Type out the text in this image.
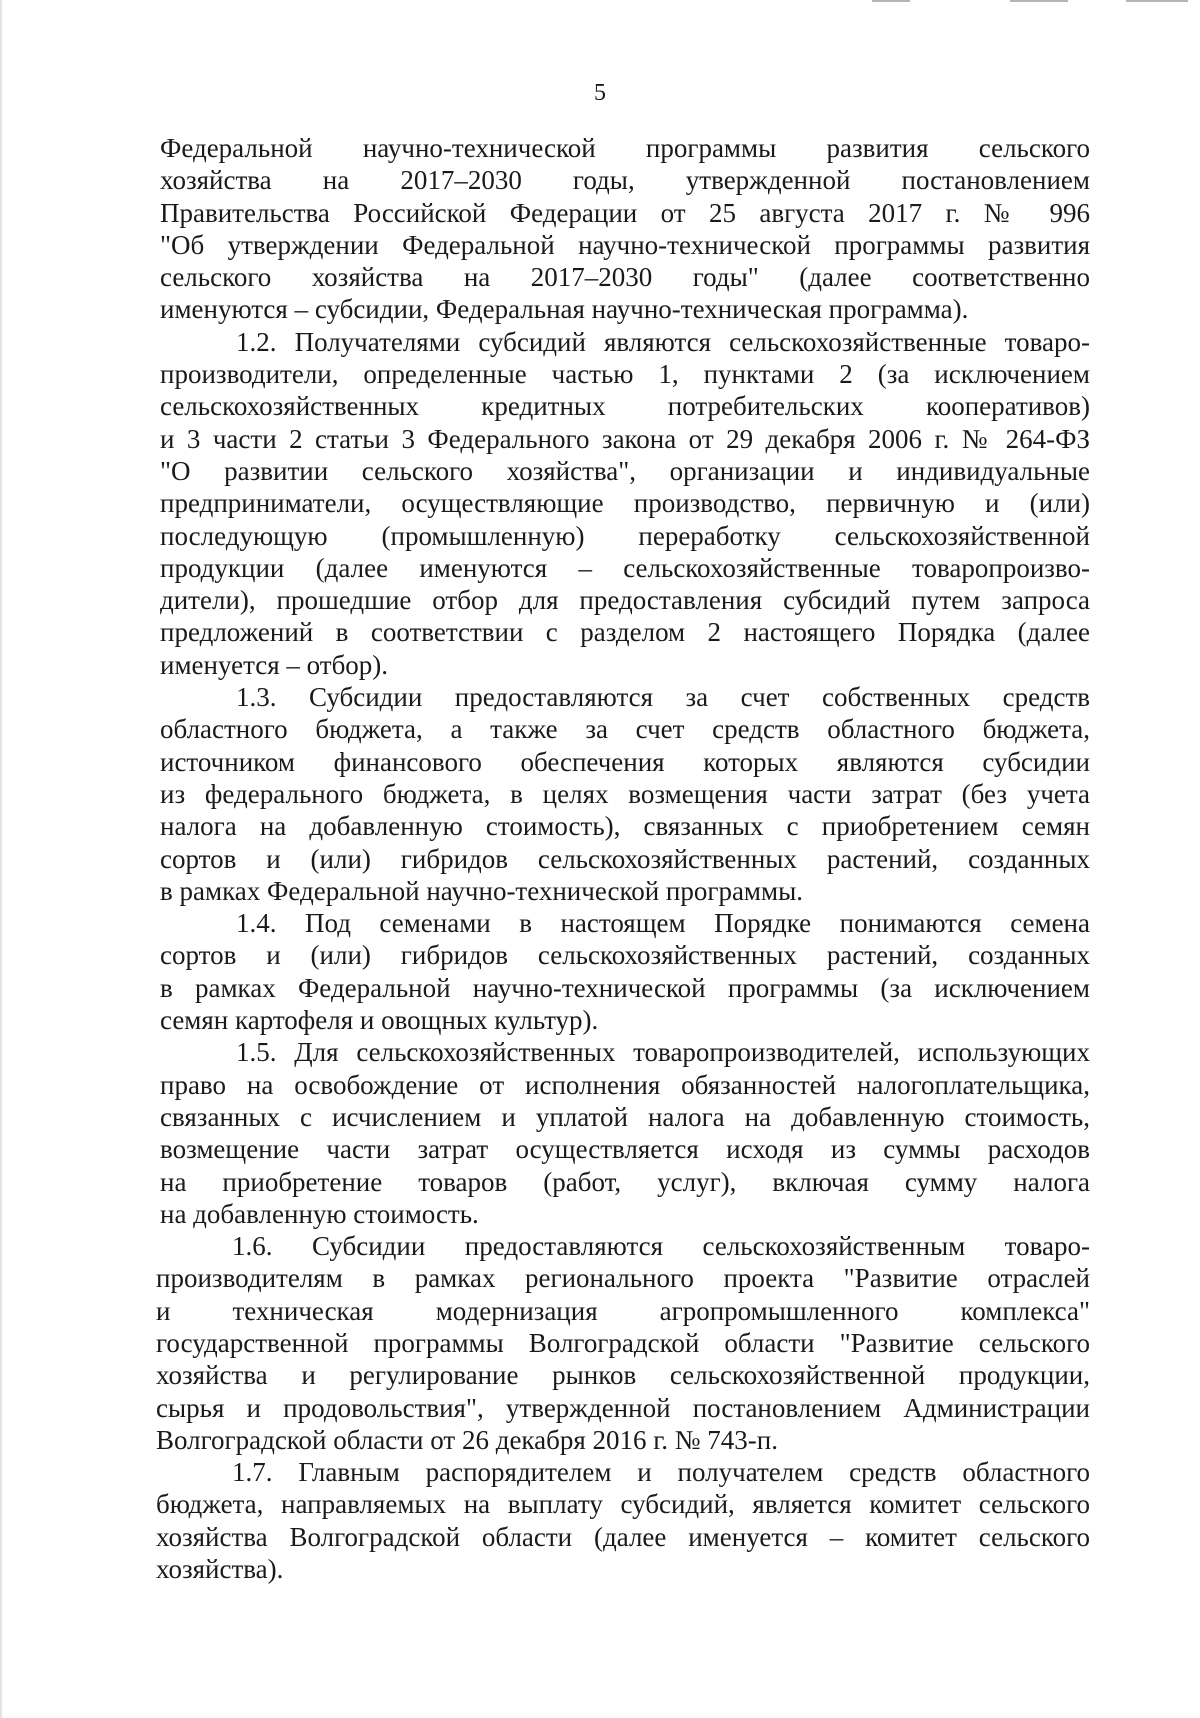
5
Федеральной научно-технической программы развития сельского
хозяйства на 2017–2030 годы, утвержденной постановлением
Правительства Российской Федерации от 25 августа 2017 г. № 996
"Об утверждении Федеральной научно-технической программы развития
сельского хозяйства на 2017–2030 годы" (далее соответственно
именуются – субсидии, Федеральная научно-техническая программа).
1.2. Получателями субсидий являются сельскохозяйственные товаро-
производители, определенные частью 1, пунктами 2 (за исключением
сельскохозяйственных кредитных потребительских кооперативов)
и 3 части 2 статьи 3 Федерального закона от 29 декабря 2006 г. № 264-ФЗ
"О развитии сельского хозяйства", организации и индивидуальные
предприниматели, осуществляющие производство, первичную и (или)
последующую (промышленную) переработку сельскохозяйственной
продукции (далее именуются – сельскохозяйственные товаропроизво-
дители), прошедшие отбор для предоставления субсидий путем запроса
предложений в соответствии с разделом 2 настоящего Порядка (далее
именуется – отбор).
1.3. Субсидии предоставляются за счет собственных средств
областного бюджета, а также за счет средств областного бюджета,
источником финансового обеспечения которых являются субсидии
из федерального бюджета, в целях возмещения части затрат (без учета
налога на добавленную стоимость), связанных с приобретением семян
сортов и (или) гибридов сельскохозяйственных растений, созданных
в рамках Федеральной научно-технической программы.
1.4. Под семенами в настоящем Порядке понимаются семена
сортов и (или) гибридов сельскохозяйственных растений, созданных
в рамках Федеральной научно-технической программы (за исключением
семян картофеля и овощных культур).
1.5. Для сельскохозяйственных товаропроизводителей, использующих
право на освобождение от исполнения обязанностей налогоплательщика,
связанных с исчислением и уплатой налога на добавленную стоимость,
возмещение части затрат осуществляется исходя из суммы расходов
на приобретение товаров (работ, услуг), включая сумму налога
на добавленную стоимость.
1.6. Субсидии предоставляются сельскохозяйственным товаро-
производителям в рамках регионального проекта "Развитие отраслей
и техническая модернизация агропромышленного комплекса"
государственной программы Волгоградской области "Развитие сельского
хозяйства и регулирование рынков сельскохозяйственной продукции,
сырья и продовольствия", утвержденной постановлением Администрации
Волгоградской области от 26 декабря 2016 г. № 743-п.
1.7. Главным распорядителем и получателем средств областного
бюджета, направляемых на выплату субсидий, является комитет сельского
хозяйства Волгоградской области (далее именуется – комитет сельского
хозяйства).
